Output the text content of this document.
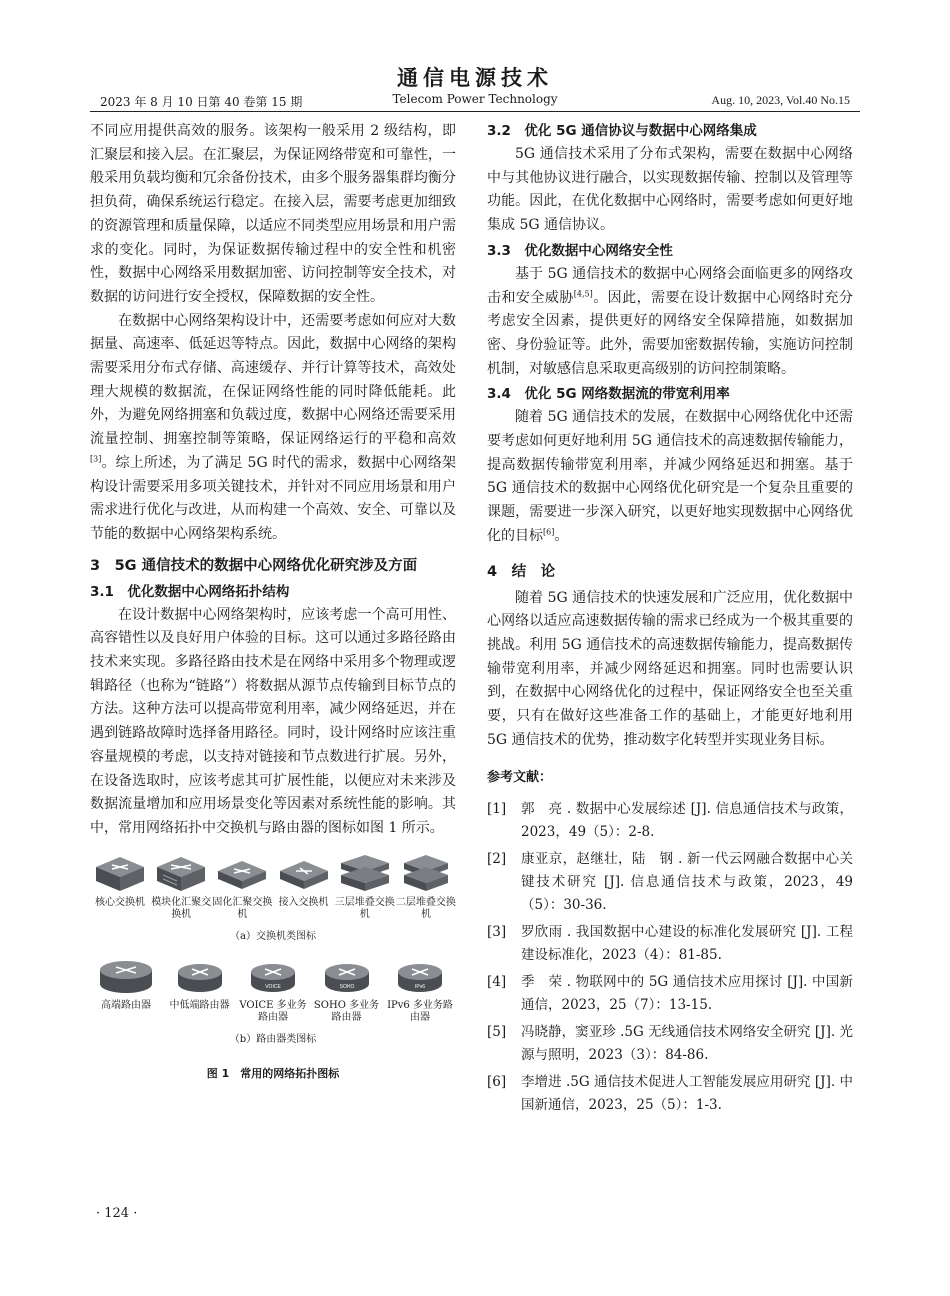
通信电源技术
2023 年 8 月 10 日第 40 卷第 15 期	Telecom Power Technology	Aug. 10, 2023, Vol.40 No.15

不同应用提供高效的服务。该架构一般采用 2 级结构，即汇聚层和接入层。在汇聚层，为保证网络带宽和可靠性，一般采用负载均衡和冗余备份技术，由多个服务器集群均衡分担负荷，确保系统运行稳定。在接入层，需要考虑更加细致的资源管理和质量保障，以适应不同类型应用场景和用户需求的变化。同时，为保证数据传输过程中的安全性和机密性，数据中心网络采用数据加密、访问控制等安全技术，对数据的访问进行安全授权，保障数据的安全性。

在数据中心网络架构设计中，还需要考虑如何应对大数据量、高速率、低延迟等特点。因此，数据中心网络的架构需要采用分布式存储、高速缓存、并行计算等技术，高效处理大规模的数据流，在保证网络性能的同时降低能耗。此外，为避免网络拥塞和负载过度，数据中心网络还需要采用流量控制、拥塞控制等策略，保证网络运行的平稳和高效[3]。综上所述，为了满足 5G 时代的需求，数据中心网络架构设计需要采用多项关键技术，并针对不同应用场景和用户需求进行优化与改进，从而构建一个高效、安全、可靠以及节能的数据中心网络架构系统。

3　5G 通信技术的数据中心网络优化研究涉及方面
3.1　优化数据中心网络拓扑结构

在设计数据中心网络架构时，应该考虑一个高可用性、高容错性以及良好用户体验的目标。这可以通过多路径路由技术来实现。多路径路由技术是在网络中采用多个物理或逻辑路径（也称为“链路”）将数据从源节点传输到目标节点的方法。这种方法可以提高带宽利用率，减少网络延迟，并在遇到链路故障时选择备用路径。同时，设计网络时应该注重容量规模的考虑，以支持对链接和节点数进行扩展。另外，在设备选取时，应该考虑其可扩展性能，以便应对未来涉及数据流量增加和应用场景变化等因素对系统性能的影响。其中，常用网络拓扑中交换机与路由器的图标如图 1 所示。

核心交换机 模块化汇聚交换机
固化汇聚交换机
接入交换机 三层堆叠交换机
二层堆叠交换机
（a）交换机类图标
高端路由器 中低端路由器
VOICE
VOICE 多业务路由器
SOHO
SOHO 多业务路由器
IPv6
IPv6 多业务路由器
（b）路由器类图标
图 1　常用的网络拓扑图标
3.2　优化 5G 通信协议与数据中心网络集成

5G 通信技术采用了分布式架构，需要在数据中心网络中与其他协议进行融合，以实现数据传输、控制以及管理等功能。因此，在优化数据中心网络时，需要考虑如何更好地集成 5G 通信协议。

3.3　优化数据中心网络安全性

基于 5G 通信技术的数据中心网络会面临更多的网络攻击和安全威胁[4,5]。因此，需要在设计数据中心网络时充分考虑安全因素，提供更好的网络安全保障措施，如数据加密、身份验证等。此外，需要加密数据传输，实施访问控制机制，对敏感信息采取更高级别的访问控制策略。

3.4　优化 5G 网络数据流的带宽利用率

随着 5G 通信技术的发展，在数据中心网络优化中还需要考虑如何更好地利用 5G 通信技术的高速数据传输能力，提高数据传输带宽利用率，并减少网络延迟和拥塞。基于 5G 通信技术的数据中心网络优化研究是一个复杂且重要的课题，需要进一步深入研究，以更好地实现数据中心网络优化的目标[6]。

4　结　论

随着 5G 通信技术的快速发展和广泛应用，优化数据中心网络以适应高速数据传输的需求已经成为一个极其重要的挑战。利用 5G 通信技术的高速数据传输能力，提高数据传输带宽利用率，并减少网络延迟和拥塞。同时也需要认识到，在数据中心网络优化的过程中，保证网络安全也至关重要，只有在做好这些准备工作的基础上，才能更好地利用 5G 通信技术的优势，推动数字化转型并实现业务目标。

参考文献：
[1]	郭　亮 . 数据中心发展综述 [J]. 信息通信技术与政策，2023，49（5）：2-8.
[2]	康亚京，赵继壮，陆　钢 . 新一代云网融合数据中心关键技术研究 [J]. 信息通信技术与政策，2023，49（5）：30-36.
[3]	罗欣雨 . 我国数据中心建设的标准化发展研究 [J]. 工程建设标准化，2023（4）：81-85.
[4]	季　荣 . 物联网中的 5G 通信技术应用探讨 [J]. 中国新通信，2023，25（7）：13-15.
[5]	冯晓静，窦亚珍 .5G 无线通信技术网络安全研究 [J]. 光源与照明，2023（3）：84-86.
[6]	李增进 .5G 通信技术促进人工智能发展应用研究 [J]. 中国新通信，2023，25（5）：1-3.
· 124 ·
